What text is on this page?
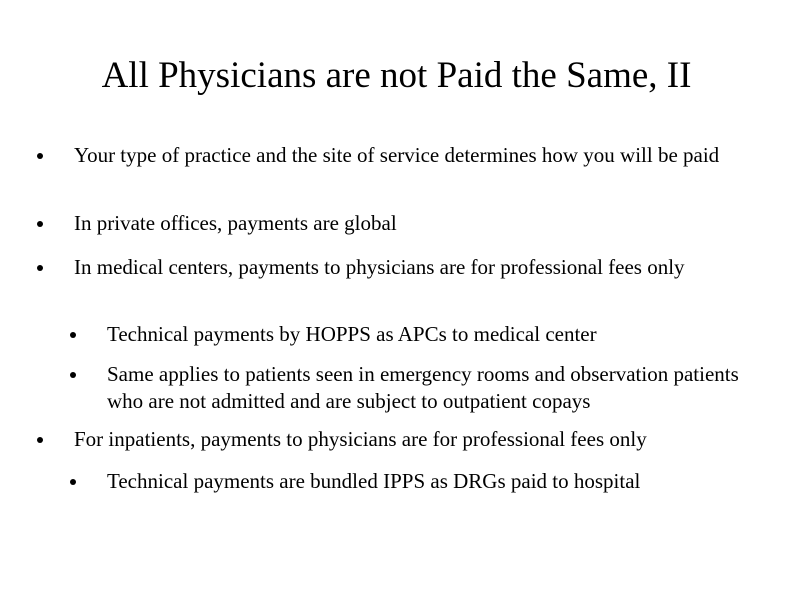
All Physicians are not Paid the Same, II
Your type of practice and the site of service determines how you will be paid
In private offices, payments are global
In medical centers, payments to physicians are for professional fees only
Technical payments by HOPPS as APCs to medical center
Same applies to patients seen in emergency rooms and observation patients who are not admitted and are subject to outpatient copays
For inpatients, payments to physicians are for professional fees only
Technical payments are bundled IPPS as DRGs paid to hospital
